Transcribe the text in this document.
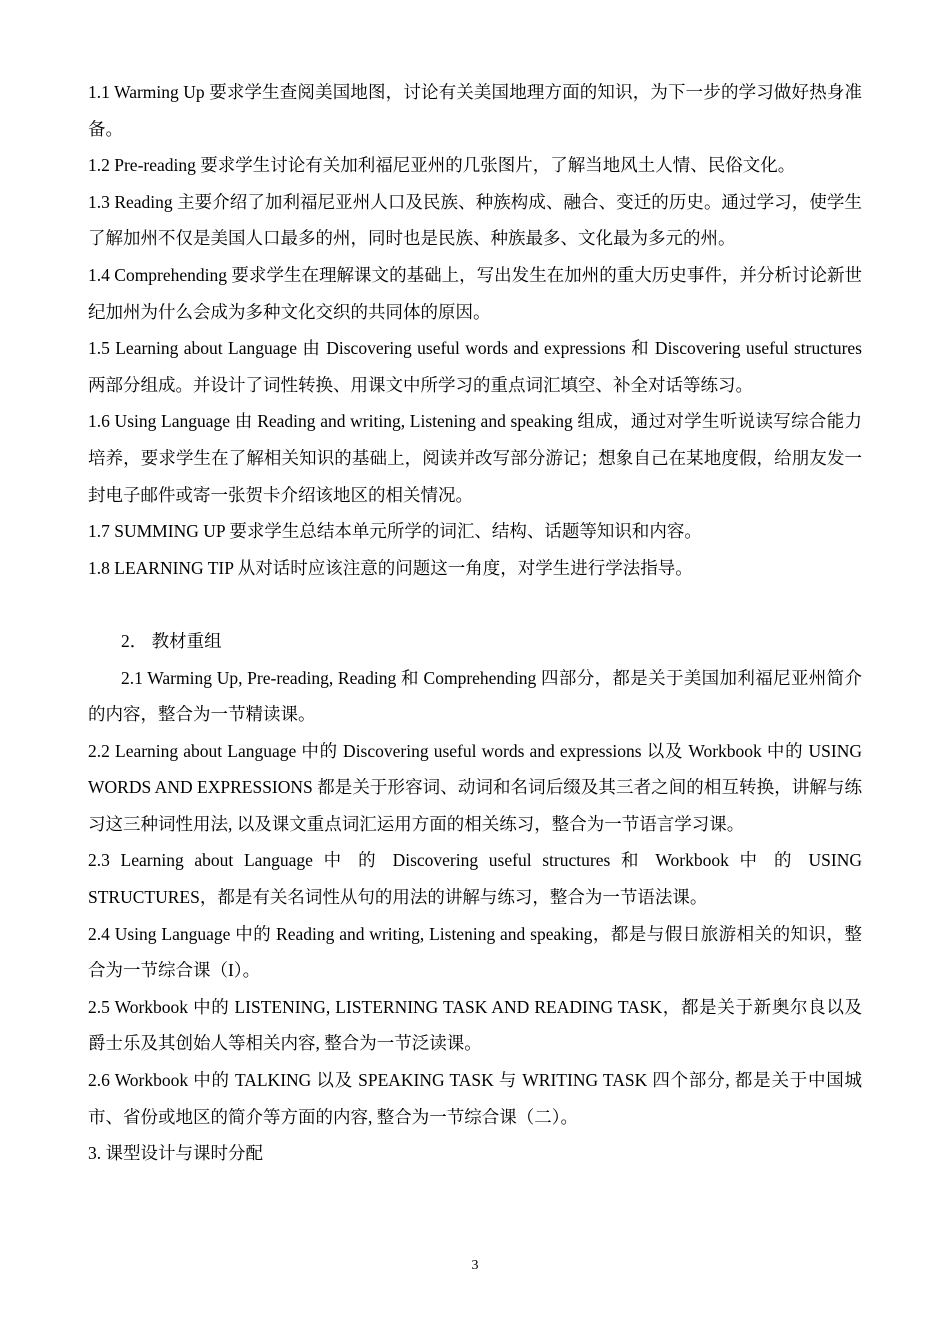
1.1 Warming Up 要求学生查阅美国地图，讨论有关美国地理方面的知识，为下一步的学习做好热身准备。

1.2 Pre-reading 要求学生讨论有关加利福尼亚州的几张图片，了解当地风土人情、民俗文化。

1.3 Reading 主要介绍了加利福尼亚州人口及民族、种族构成、融合、变迁的历史。通过学习，使学生了解加州不仅是美国人口最多的州，同时也是民族、种族最多、文化最为多元的州。

1.4 Comprehending 要求学生在理解课文的基础上，写出发生在加州的重大历史事件，并分析讨论新世纪加州为什么会成为多种文化交织的共同体的原因。

1.5 Learning about Language 由 Discovering useful words and expressions 和 Discovering useful structures 两部分组成。并设计了词性转换、用课文中所学习的重点词汇填空、补全对话等练习。

1.6 Using Language 由 Reading and writing, Listening and speaking 组成，通过对学生听说读写综合能力培养，要求学生在了解相关知识的基础上，阅读并改写部分游记；想象自己在某地度假，给朋友发一封电子邮件或寄一张贺卡介绍该地区的相关情况。

1.7 SUMMING UP 要求学生总结本单元所学的词汇、结构、话题等知识和内容。

1.8 LEARNING TIP 从对话时应该注意的问题这一角度，对学生进行学法指导。

2． 教材重组

2.1 Warming Up, Pre-reading, Reading 和 Comprehending 四部分，都是关于美国加利福尼亚州简介的内容，整合为一节精读课。

2.2 Learning about Language 中的 Discovering useful words and expressions 以及 Workbook 中的 USING WORDS AND EXPRESSIONS 都是关于形容词、动词和名词后缀及其三者之间的相互转换，讲解与练习这三种词性用法, 以及课文重点词汇运用方面的相关练习，整合为一节语言学习课。

2.3 Learning about Language 中 的 Discovering useful structures 和 Workbook 中 的 USING STRUCTURES，都是有关名词性从句的用法的讲解与练习，整合为一节语法课。

2.4 Using Language 中的 Reading and writing, Listening and speaking，都是与假日旅游相关的知识，整合为一节综合课（I）。

2.5 Workbook 中的 LISTENING, LISTERNING TASK AND READING TASK，都是关于新奥尔良以及爵士乐及其创始人等相关内容, 整合为一节泛读课。

2.6 Workbook 中的 TALKING 以及 SPEAKING TASK 与 WRITING TASK 四个部分, 都是关于中国城市、省份或地区的简介等方面的内容, 整合为一节综合课（二）。

3. 课型设计与课时分配

3
